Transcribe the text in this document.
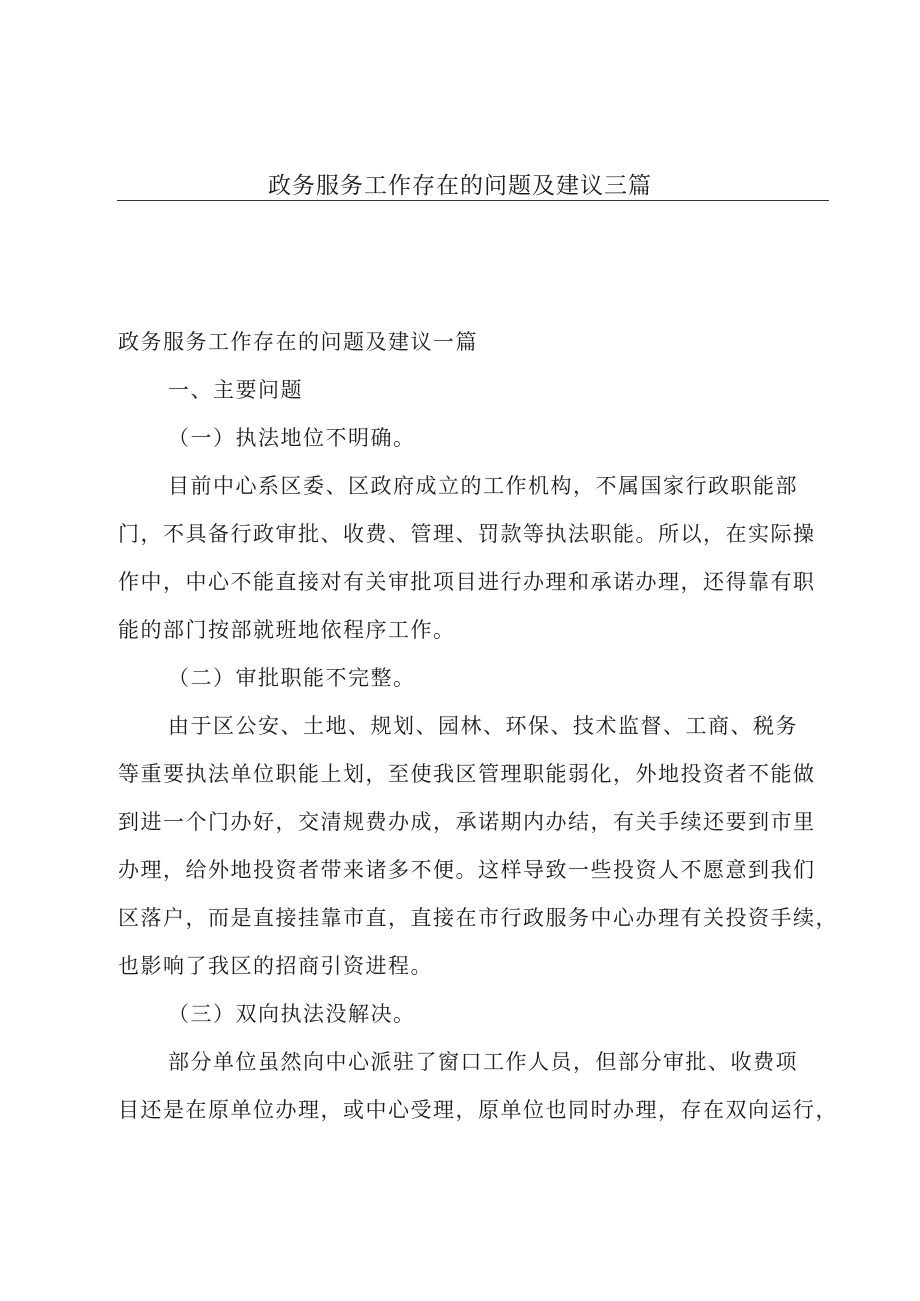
政务服务工作存在的问题及建议三篇

政务服务工作存在的问题及建议一篇

一、主要问题

（一）执法地位不明确。

目前中心系区委、区政府成立的工作机构，不属国家行政职能部

门，不具备行政审批、收费、管理、罚款等执法职能。所以，在实际操

作中，中心不能直接对有关审批项目进行办理和承诺办理，还得靠有职

能的部门按部就班地依程序工作。

（二）审批职能不完整。

由于区公安、土地、规划、园林、环保、技术监督、工商、税务

等重要执法单位职能上划，至使我区管理职能弱化，外地投资者不能做

到进一个门办好，交清规费办成，承诺期内办结，有关手续还要到市里

办理，给外地投资者带来诸多不便。这样导致一些投资人不愿意到我们

区落户，而是直接挂靠市直，直接在市行政服务中心办理有关投资手续，

也影响了我区的招商引资进程。

（三）双向执法没解决。

部分单位虽然向中心派驻了窗口工作人员，但部分审批、收费项

目还是在原单位办理，或中心受理，原单位也同时办理，存在双向运行，
